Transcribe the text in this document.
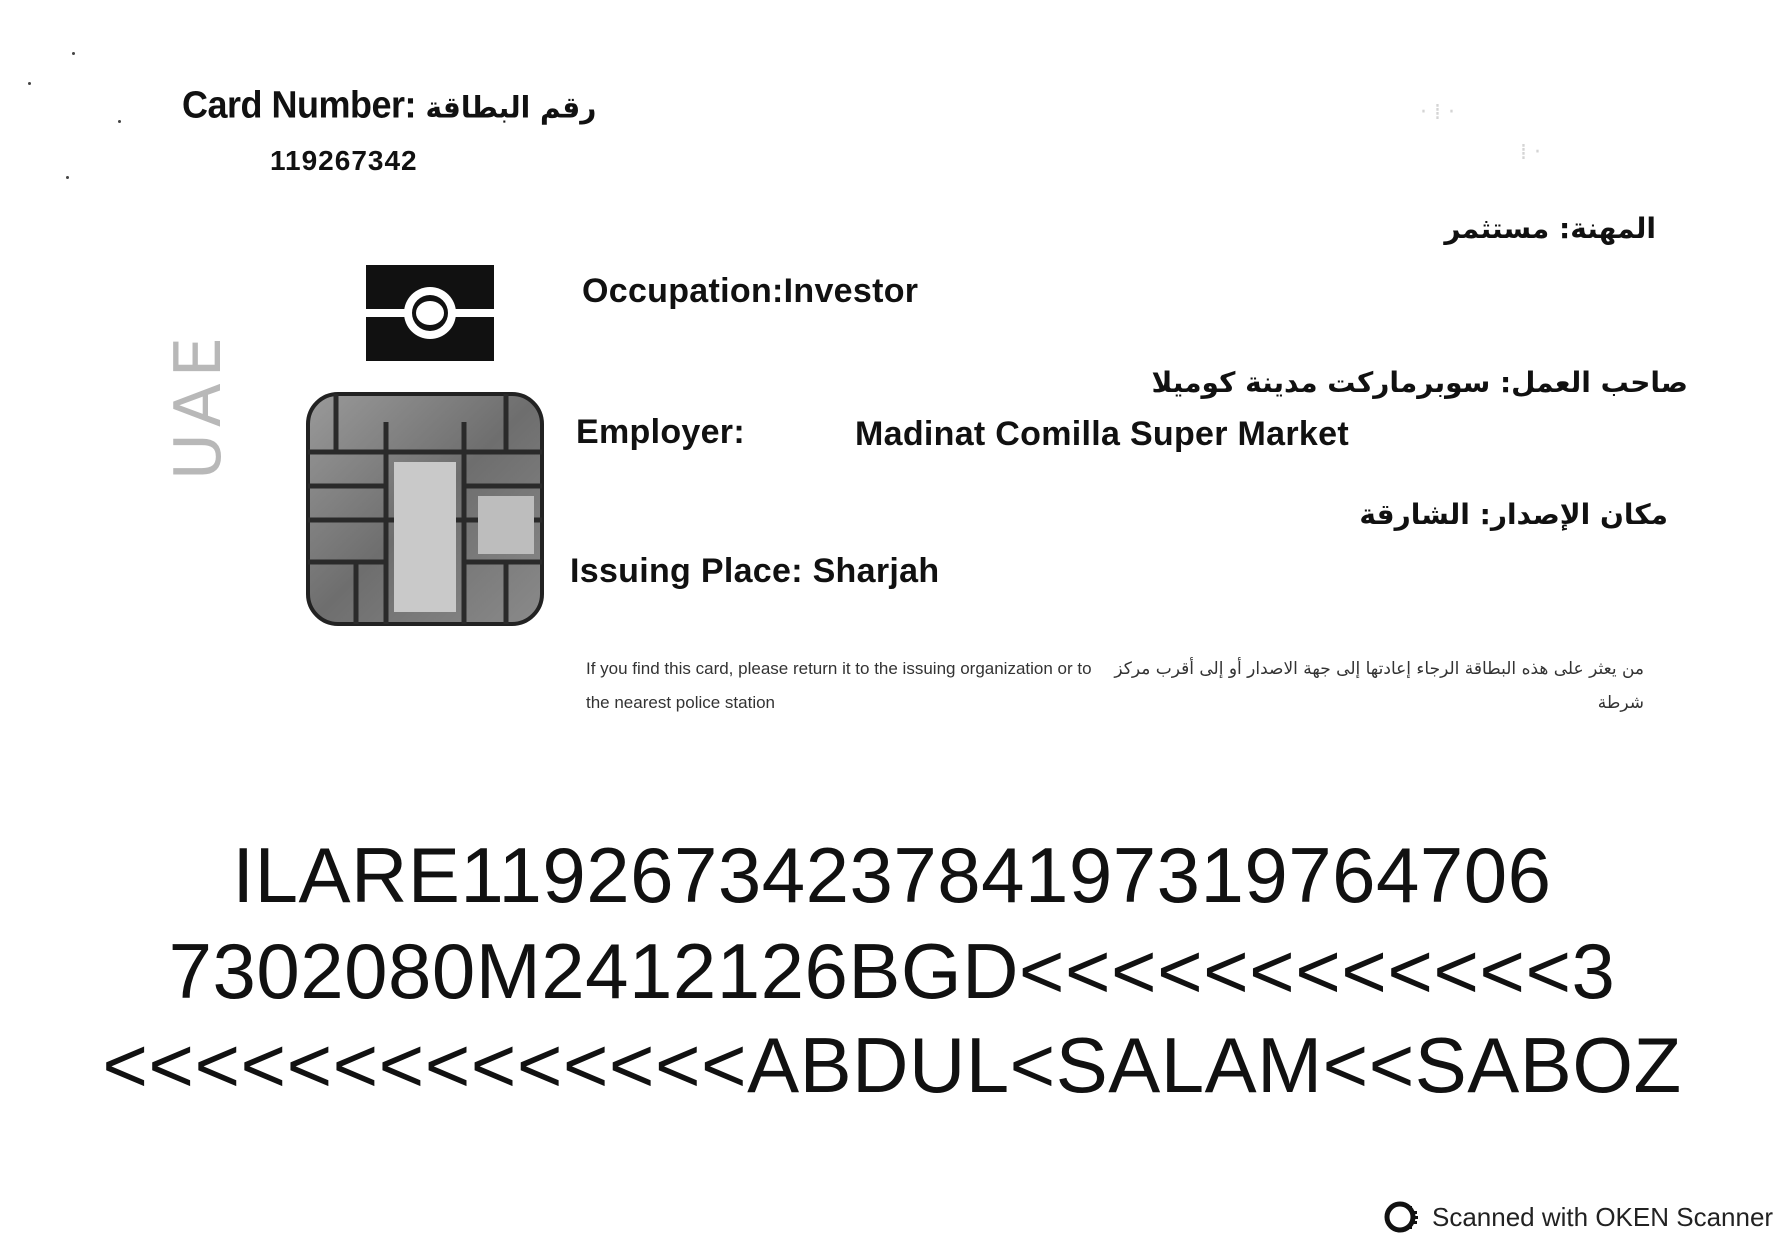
· ⁞ ·
⁞ ·
Card Number: رقم البطاقة
119267342
UAE
Occupation:Investor
Employer:	Madinat Comilla Super Market
Issuing Place: Sharjah
المهنة: مستثمر
صاحب العمل: سوبرماركت مدينة كوميلا
مكان الإصدار: الشارقة
If you find this card, please return it to the issuing organization or to the nearest police station
من يعثر على هذه البطاقة الرجاء إعادتها إلى جهة الاصدار أو إلى أقرب مركز شرطة
ILARE1192673423784197319764706
7302080M2412126BGD<<<<<<<<<<<<3
<<<<<<<<<<<<<<ABDUL<SALAM<<SABOZ
Scanned with OKEN Scanner
